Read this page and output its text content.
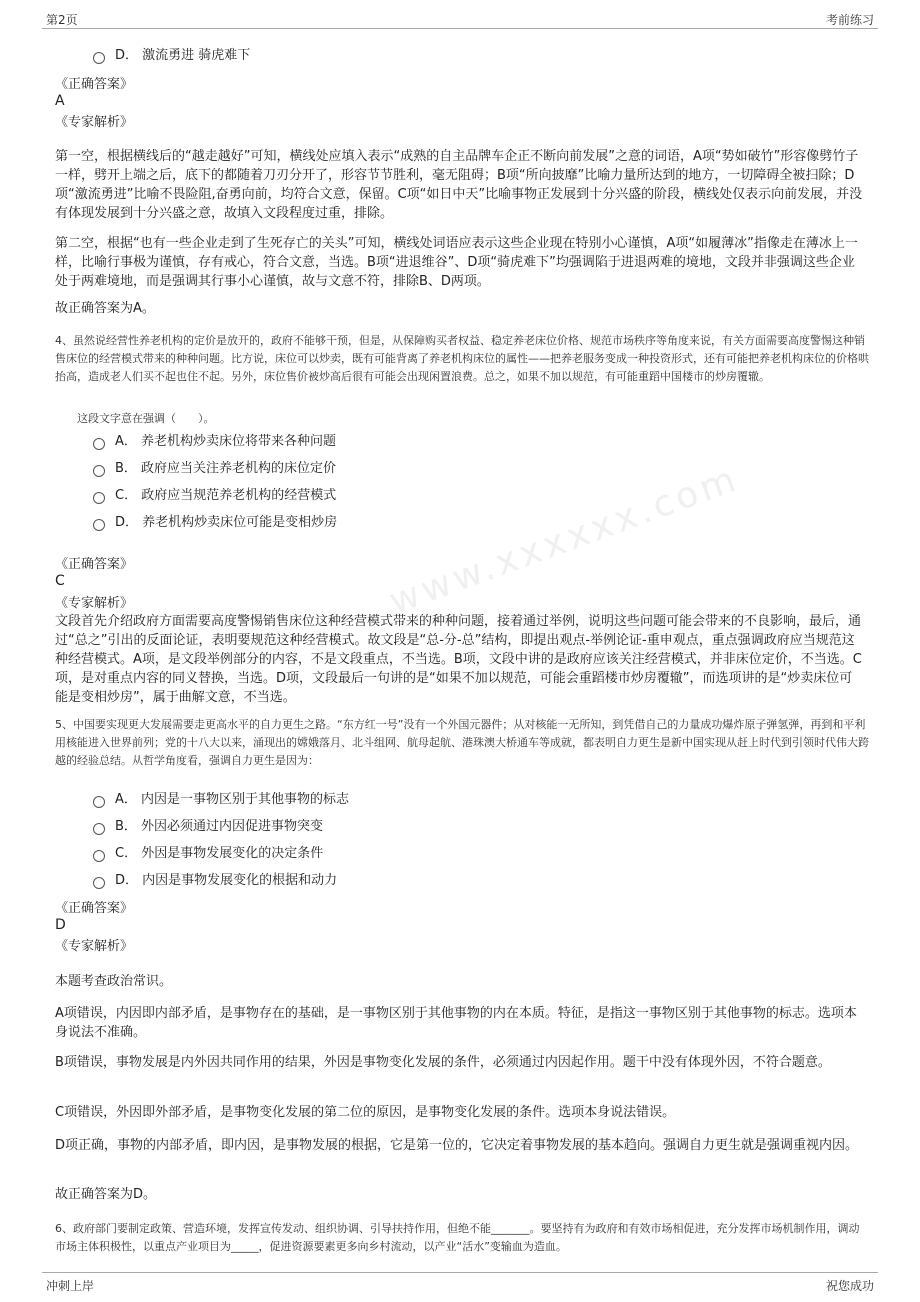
第2页	考前练习
www.xxxxxx.com
D． 激流勇进 骑虎难下
《正确答案》
A
《专家解析》
第一空，根据横线后的“越走越好”可知，横线处应填入表示“成熟的自主品牌车企正不断向前发展”之意的词语，A项“势如破竹”形容像劈竹子一样，劈开上端之后，底下的都随着刀刃分开了，形容节节胜利，毫无阻碍；B项“所向披靡”比喻力量所达到的地方，一切障碍全被扫除；D项“激流勇进”比喻不畏险阻,奋勇向前，均符合文意，保留。C项“如日中天”比喻事物正发展到十分兴盛的阶段，横线处仅表示向前发展，并没有体现发展到十分兴盛之意，故填入文段程度过重，排除。
第二空，根据“也有一些企业走到了生死存亡的关头”可知，横线处词语应表示这些企业现在特别小心谨慎，A项“如履薄冰”指像走在薄冰上一样，比喻行事极为谨慎，存有戒心，符合文意，当选。B项“进退维谷”、D项“骑虎难下”均强调陷于进退两难的境地，文段并非强调这些企业处于两难境地，而是强调其行事小心谨慎，故与文意不符，排除B、D两项。
故正确答案为A。
4、虽然说经营性养老机构的定价是放开的，政府不能够干预，但是，从保障购买者权益、稳定养老床位价格、规范市场秩序等角度来说，有关方面需要高度警惕这种销售床位的经营模式带来的种种问题。比方说，床位可以炒卖，既有可能背离了养老机构床位的属性——把养老服务变成一种投资形式，还有可能把养老机构床位的价格哄抬高，造成老人们买不起也住不起。另外，床位售价被炒高后很有可能会出现闲置浪费。总之，如果不加以规范，有可能重蹈中国楼市的炒房覆辙。
这段文字意在强调（　　）。
A． 养老机构炒卖床位将带来各种问题
B． 政府应当关注养老机构的床位定价
C． 政府应当规范养老机构的经营模式
D． 养老机构炒卖床位可能是变相炒房
《正确答案》
C
《专家解析》
文段首先介绍政府方面需要高度警惕销售床位这种经营模式带来的种种问题，接着通过举例，说明这些问题可能会带来的不良影响，最后，通过“总之”引出的反面论证，表明要规范这种经营模式。故文段是“总-分-总”结构，即提出观点-举例论证-重申观点，重点强调政府应当规范这种经营模式。A项，是文段举例部分的内容，不是文段重点，不当选。B项，文段中讲的是政府应该关注经营模式，并非床位定价，不当选。C项，是对重点内容的同义替换，当选。D项，文段最后一句讲的是“如果不加以规范，可能会重蹈楼市炒房覆辙”，而选项讲的是“炒卖床位可能是变相炒房”，属于曲解文意，不当选。
5、中国要实现更大发展需要走更高水平的自力更生之路。“东方红一号”没有一个外国元器件；从对核能一无所知，到凭借自己的力量成功爆炸原子弹氢弹，再到和平利用核能进入世界前列；党的十八大以来，涌现出的嫦娥落月、北斗组网、航母起航、港珠澳大桥通车等成就，都表明自力更生是新中国实现从赶上时代到引领时代伟大跨越的经验总结。从哲学角度看，强调自力更生是因为：
A． 内因是一事物区别于其他事物的标志
B． 外因必须通过内因促进事物突变
C． 外因是事物发展变化的决定条件
D． 内因是事物发展变化的根据和动力
《正确答案》
D
《专家解析》
本题考查政治常识。
A项错误，内因即内部矛盾，是事物存在的基础，是一事物区别于其他事物的内在本质。特征，是指这一事物区别于其他事物的标志。选项本身说法不准确。
B项错误，事物发展是内外因共同作用的结果，外因是事物变化发展的条件，必须通过内因起作用。题干中没有体现外因，不符合题意。
C项错误，外因即外部矛盾，是事物变化发展的第二位的原因，是事物变化发展的条件。选项本身说法错误。
D项正确，事物的内部矛盾，即内因，是事物发展的根据，它是第一位的，它决定着事物发展的基本趋向。强调自力更生就是强调重视内因。
故正确答案为D。
6、政府部门要制定政策、营造环境，发挥宣传发动、组织协调、引导扶持作用，但绝不能_______。要坚持有为政府和有效市场相促进，充分发挥市场机制作用，调动市场主体积极性，以重点产业项目为_____，促进资源要素更多向乡村流动，以产业“活水”变输血为造血。
冲刺上岸	祝您成功
